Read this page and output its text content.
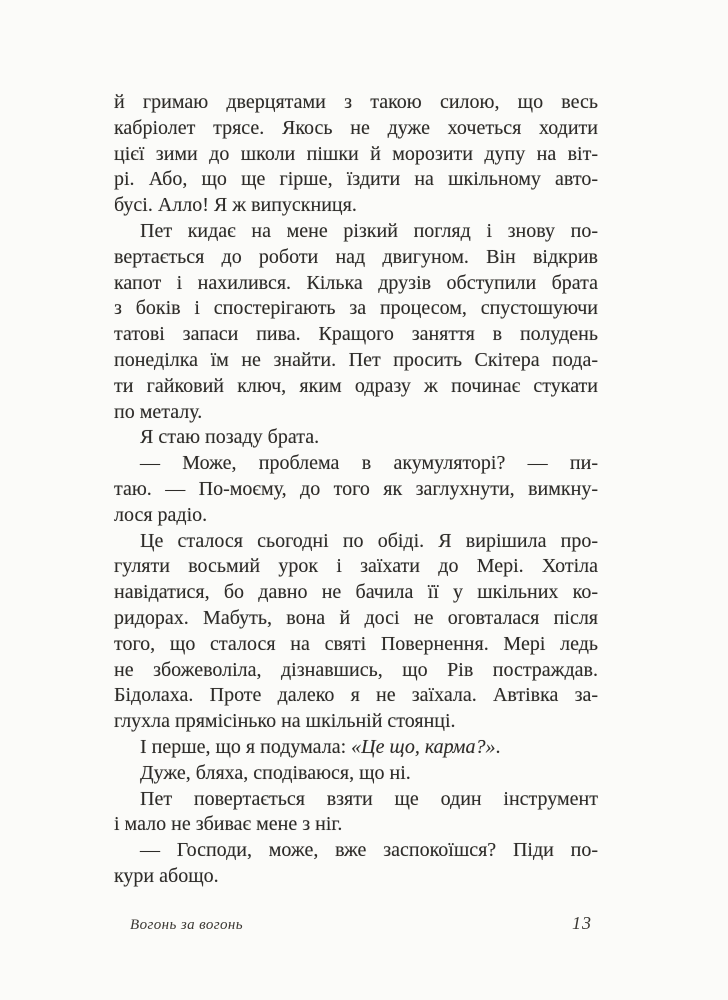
й гримаю дверцятами з такою силою, що весь
кабріолет трясе. Якось не дуже хочеться ходити
цієї зими до школи пішки й морозити дупу на віт-
рі. Або, що ще гірше, їздити на шкільному авто-
бусі. Алло! Я ж випускниця.
Пет кидає на мене різкий погляд і знову по-
вертається до роботи над двигуном. Він відкрив
капот і нахилився. Кілька друзів обступили брата
з боків і спостерігають за процесом, спустошуючи
татові запаси пива. Кращого заняття в полудень
понеділка їм не знайти. Пет просить Скітера пода-
ти гайковий ключ, яким одразу ж починає стукати
по металу.
Я стаю позаду брата.
— Може, проблема в акумуляторі? — пи-
таю. — По-моєму, до того як заглухнути, вимкну-
лося радіо.
Це сталося сьогодні по обіді. Я вирішила про-
гуляти восьмий урок і заїхати до Мері. Хотіла
навідатися, бо давно не бачила її у шкільних ко-
ридорах. Мабуть, вона й досі не оговталася після
того, що сталося на святі Повернення. Мері ледь
не збожеволіла, дізнавшись, що Рів постраждав.
Бідолаха. Проте далеко я не заїхала. Автівка за-
глухла прямісінько на шкільній стоянці.
І перше, що я подумала: «Це що, карма?».
Дуже, бляха, сподіваюся, що ні.
Пет повертається взяти ще один інструмент
і мало не збиває мене з ніг.
— Господи, може, вже заспокоїшся? Піди по-
кури абощо.
Вогонь за вогонь	13
